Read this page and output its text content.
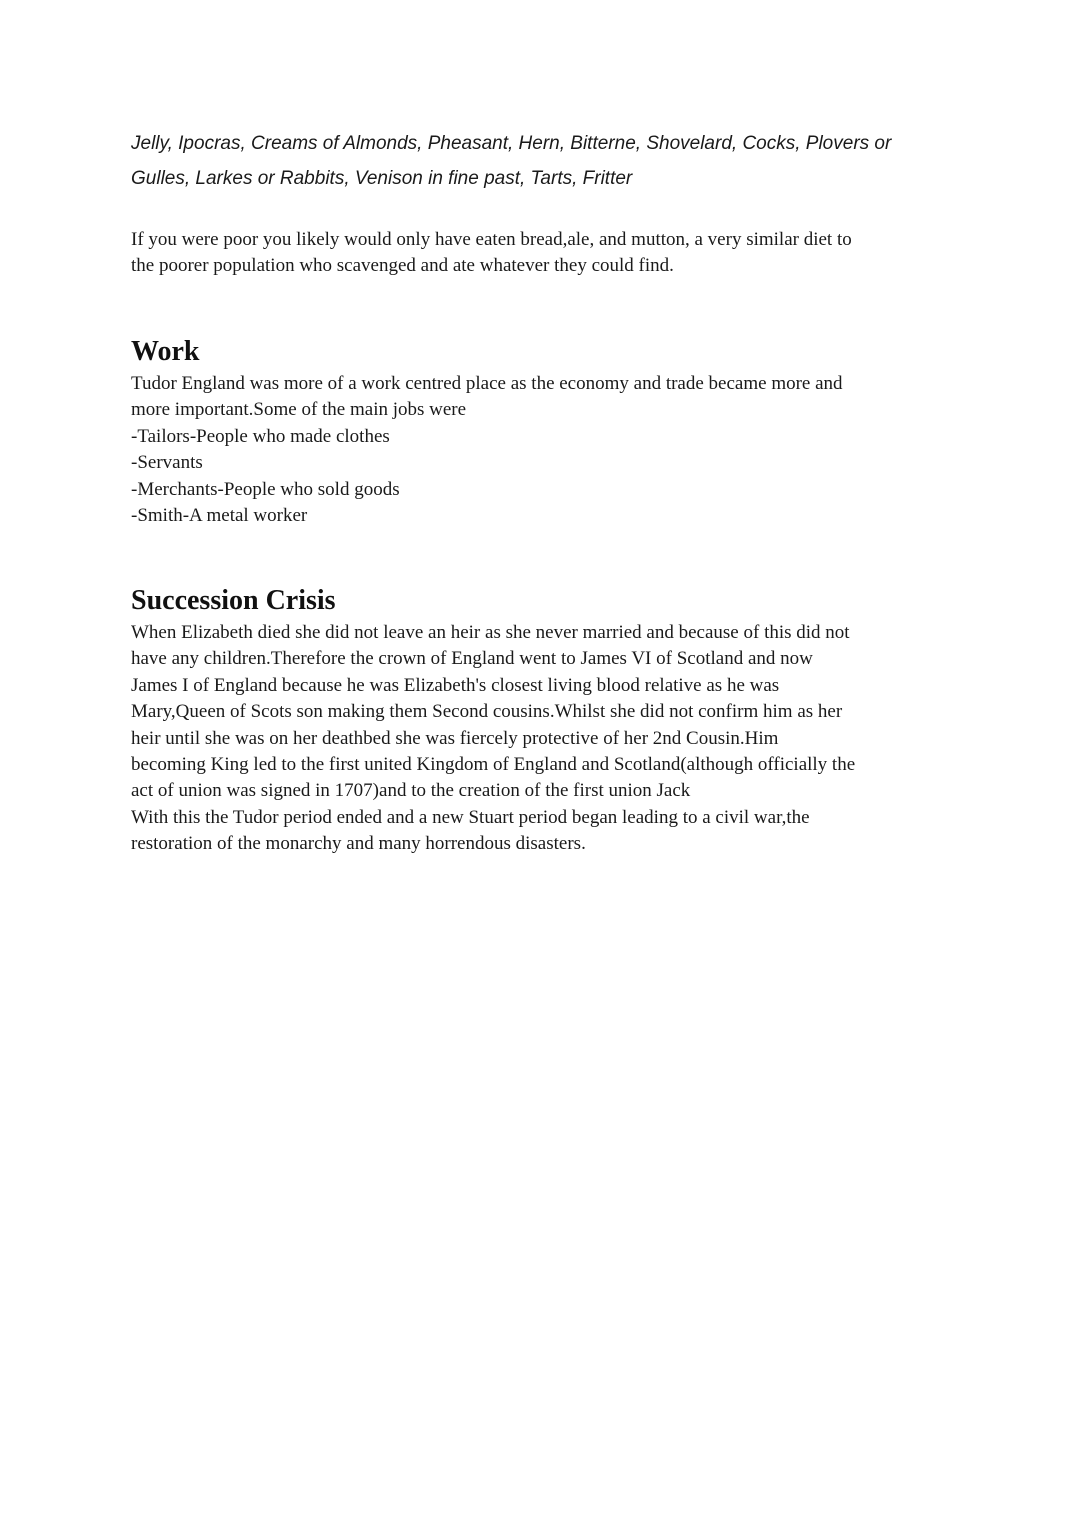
Jelly, Ipocras, Creams of Almonds, Pheasant, Hern, Bitterne, Shovelard, Cocks, Plovers or
Gulles, Larkes or Rabbits, Venison in fine past, Tarts, Fritter

If you were poor you likely would only have eaten bread,ale, and mutton, a very similar diet to
the poorer population who scavenged and ate whatever they could find.

Work

Tudor England was more of a work centred place as the economy and trade became more and
more important.Some of the main jobs were
-Tailors-People who made clothes
-Servants
-Merchants-People who sold goods
-Smith-A metal worker

Succession Crisis

When Elizabeth died she did not leave an heir as she never married and because of this did not
have any children.Therefore the crown of England went to James VI of Scotland and now
James I of England because he was Elizabeth's closest living blood relative as he was
Mary,Queen of Scots son making them Second cousins.Whilst she did not confirm him as her
heir until she was on her deathbed she was fiercely protective of her 2nd Cousin.Him
becoming King led to the first united Kingdom of England and Scotland(although officially the
act of union was signed in 1707)and to the creation of the first union Jack
With this the Tudor period ended and a new Stuart period began leading to a civil war,the
restoration of the monarchy and many horrendous disasters.
